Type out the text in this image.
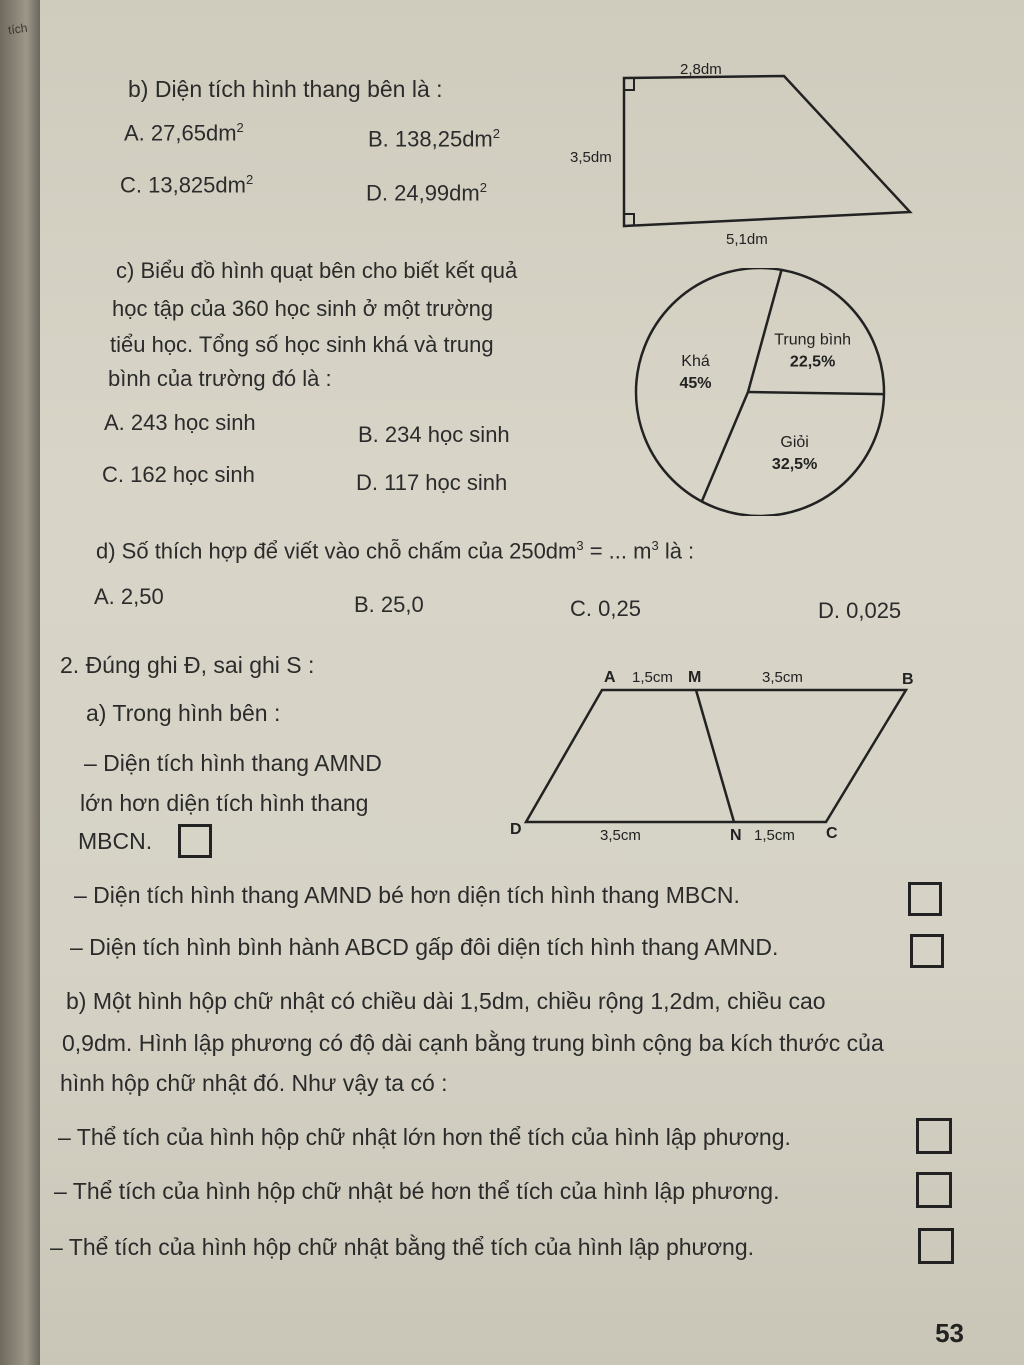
tích
b) Diện tích hình thang bên là :
A. $27,65dm^2$	B. $138,25dm^2$
C. $13,825dm^2$
D. $24,99dm^2$
2,8dm
3,5dm
5,1dm
c) Biểu đồ hình quạt bên cho biết kết quả
học tập của 360 học sinh ở một trường
tiểu học. Tổng số học sinh khá và trung
bình của trường đó là :
A. 243 học sinh	B. 234 học sinh
C. 162 học sinh	D. 117 học sinh
Trung bình
22,5%
Giỏi
32,5%
Khá
45%
d) Số thích hợp để viết vào chỗ chấm của $250dm^3$ = ... $m^3$ là :
A. 2,50	B. 25,0	C. 0,25	D. 0,025
2. Đúng ghi Đ, sai ghi S :
a) Trong hình bên :
– Diện tích hình thang AMND
lớn hơn diện tích hình thang
MBCN.
A 1,5cm M	3,5cm	B
D	3,5cm	N 1,5cm C
– Diện tích hình thang AMND bé hơn diện tích hình thang MBCN.
– Diện tích hình bình hành ABCD gấp đôi diện tích hình thang AMND.
b) Một hình hộp chữ nhật có chiều dài 1,5dm, chiều rộng 1,2dm, chiều cao
0,9dm. Hình lập phương có độ dài cạnh bằng trung bình cộng ba kích thước của
hình hộp chữ nhật đó. Như vậy ta có :
– Thể tích của hình hộp chữ nhật lớn hơn thể tích của hình lập phương.
– Thể tích của hình hộp chữ nhật bé hơn thể tích của hình lập phương.
– Thể tích của hình hộp chữ nhật bằng thể tích của hình lập phương.
53
